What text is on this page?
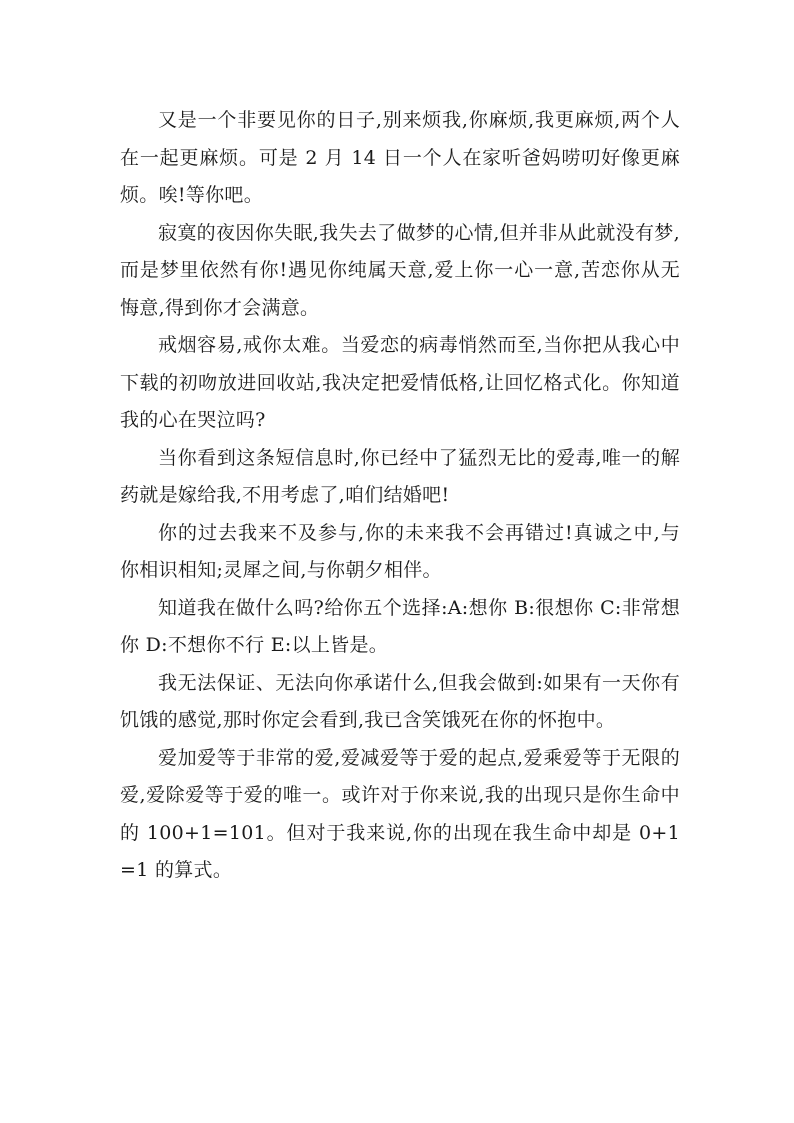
又是一个非要见你的日子,别来烦我,你麻烦,我更麻烦,两个人在一起更麻烦。可是 2 月 14 日一个人在家听爸妈唠叨好像更麻烦。唉!等你吧。

寂寞的夜因你失眠,我失去了做梦的心情,但并非从此就没有梦,而是梦里依然有你!遇见你纯属天意,爱上你一心一意,苦恋你从无悔意,得到你才会满意。

戒烟容易,戒你太难。当爱恋的病毒悄然而至,当你把从我心中下载的初吻放进回收站,我决定把爱情低格,让回忆格式化。你知道我的心在哭泣吗?

当你看到这条短信息时,你已经中了猛烈无比的爱毒,唯一的解药就是嫁给我,不用考虑了,咱们结婚吧!

你的过去我来不及参与,你的未来我不会再错过!真诚之中,与你相识相知;灵犀之间,与你朝夕相伴。

知道我在做什么吗?给你五个选择:A:想你 B:很想你 C:非常想你 D:不想你不行 E:以上皆是。

我无法保证、无法向你承诺什么,但我会做到:如果有一天你有饥饿的感觉,那时你定会看到,我已含笑饿死在你的怀抱中。

爱加爱等于非常的爱,爱减爱等于爱的起点,爱乘爱等于无限的爱,爱除爱等于爱的唯一。或许对于你来说,我的出现只是你生命中的 100+1=101。但对于我来说,你的出现在我生命中却是 0+1=1 的算式。
